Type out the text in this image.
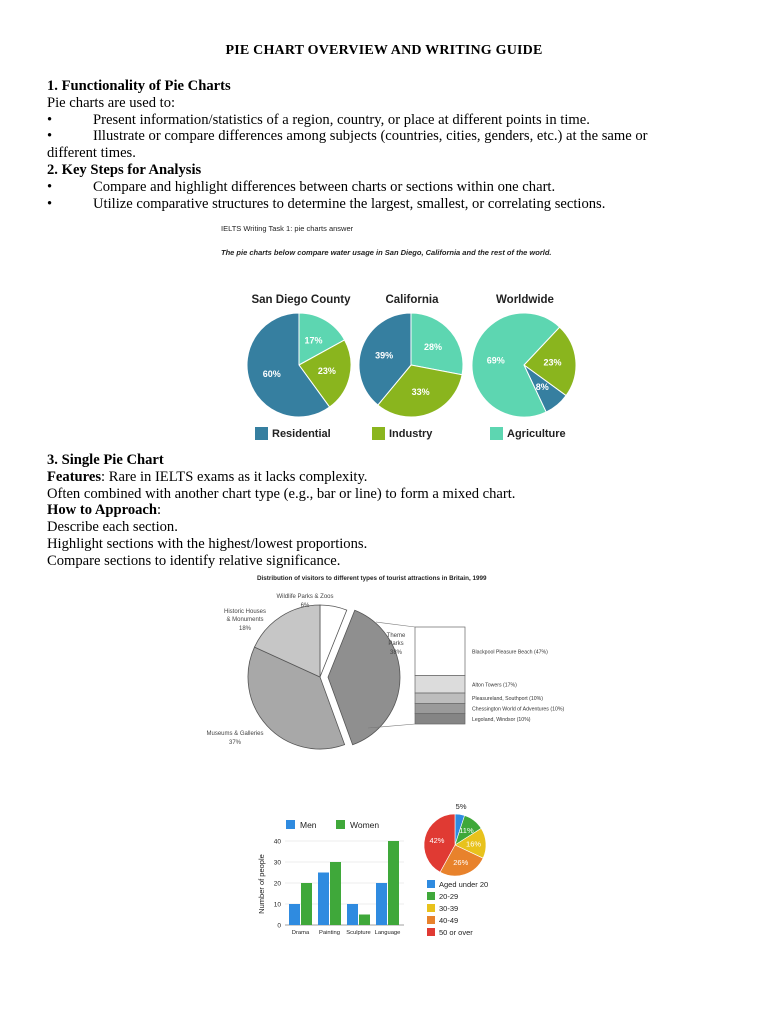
PIE CHART OVERVIEW AND WRITING GUIDE
1. Functionality of Pie Charts
Pie charts are used to:
•	Present information/statistics of a region, country, or place at different points in time.
•	Illustrate or compare differences among subjects (countries, cities, genders, etc.) at the same or
different times.
2. Key Steps for Analysis
•	Compare and highlight differences between charts or sections within one chart.
•	Utilize comparative structures to determine the largest, smallest, or correlating sections.
IELTS Writing Task 1: pie charts answer
The pie charts below compare water usage in San Diego, California and the rest of the world.
San Diego County	California	Worldwide
17%
23%
60%
28%
33%
39%
23%
8%
69%
Residential	Industry	Agriculture
3. Single Pie Chart
Features: Rare in IELTS exams as it lacks complexity.
Often combined with another chart type (e.g., bar or line) to form a mixed chart.
How to Approach:
Describe each section.
Highlight sections with the highest/lowest proportions.
Compare sections to identify relative significance.
Distribution of visitors to different types of tourist attractions in Britain, 1999
Wildlife Parks & Zoos
6%
Historic Houses
& Monuments
18%
Theme
Parks
38%
Museums & Galleries
37%
Blackpool Pleasure Beach (47%)
Alton Towers (17%)
Pleasureland, Southport (10%)
Chessington World of Adventures (10%)
Legoland, Windsor (10%)
Men	Women
Number of people
0
10
20
30
40
Drama Painting Sculpture Language
5%
11%
16%
26%
42%
Aged under 20
20-29
30-39
40-49
50 or over
